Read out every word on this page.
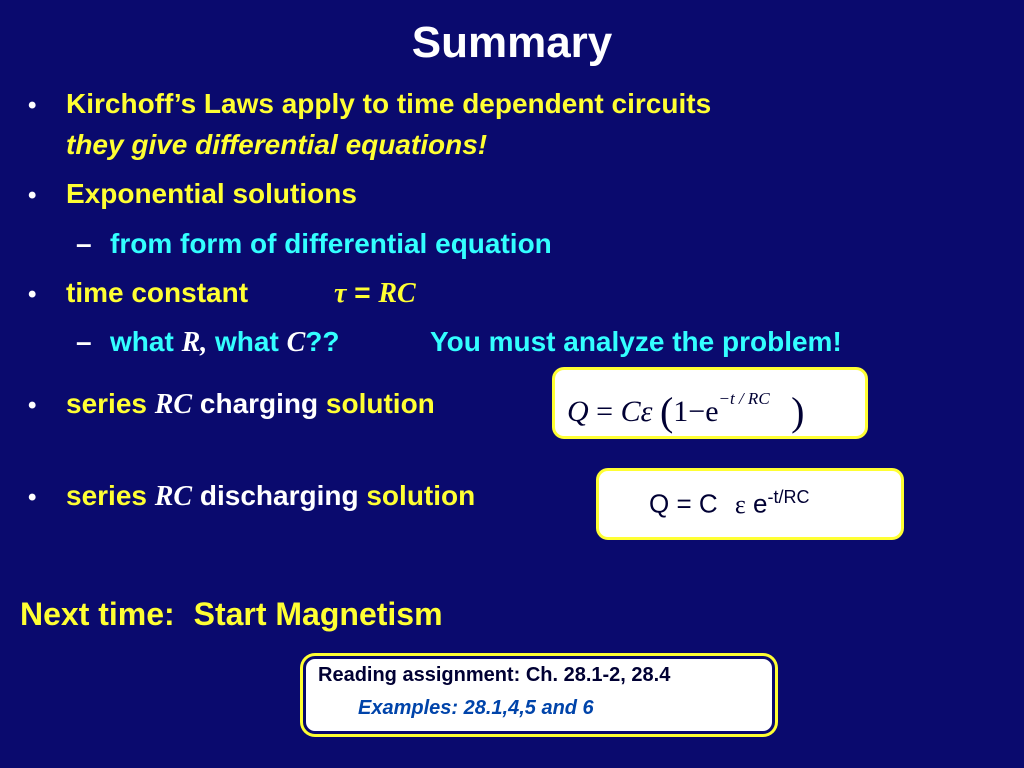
Summary
• Kirchoff’s Laws apply to time dependent circuits
they give differential equations!
• Exponential solutions
– from form of differential equation
• time constant	τ = RC
– what R, what C??	You must analyze the problem!
• series RC charging solution	Q = Cε ($1-e^{-t / RC}$ )
• series RC discharging solution	Q = C ε $e^{-t/RC}$
Next time: Start Magnetism
Reading assignment: Ch. 28.1-2, 28.4
Examples: 28.1,4,5 and 6
